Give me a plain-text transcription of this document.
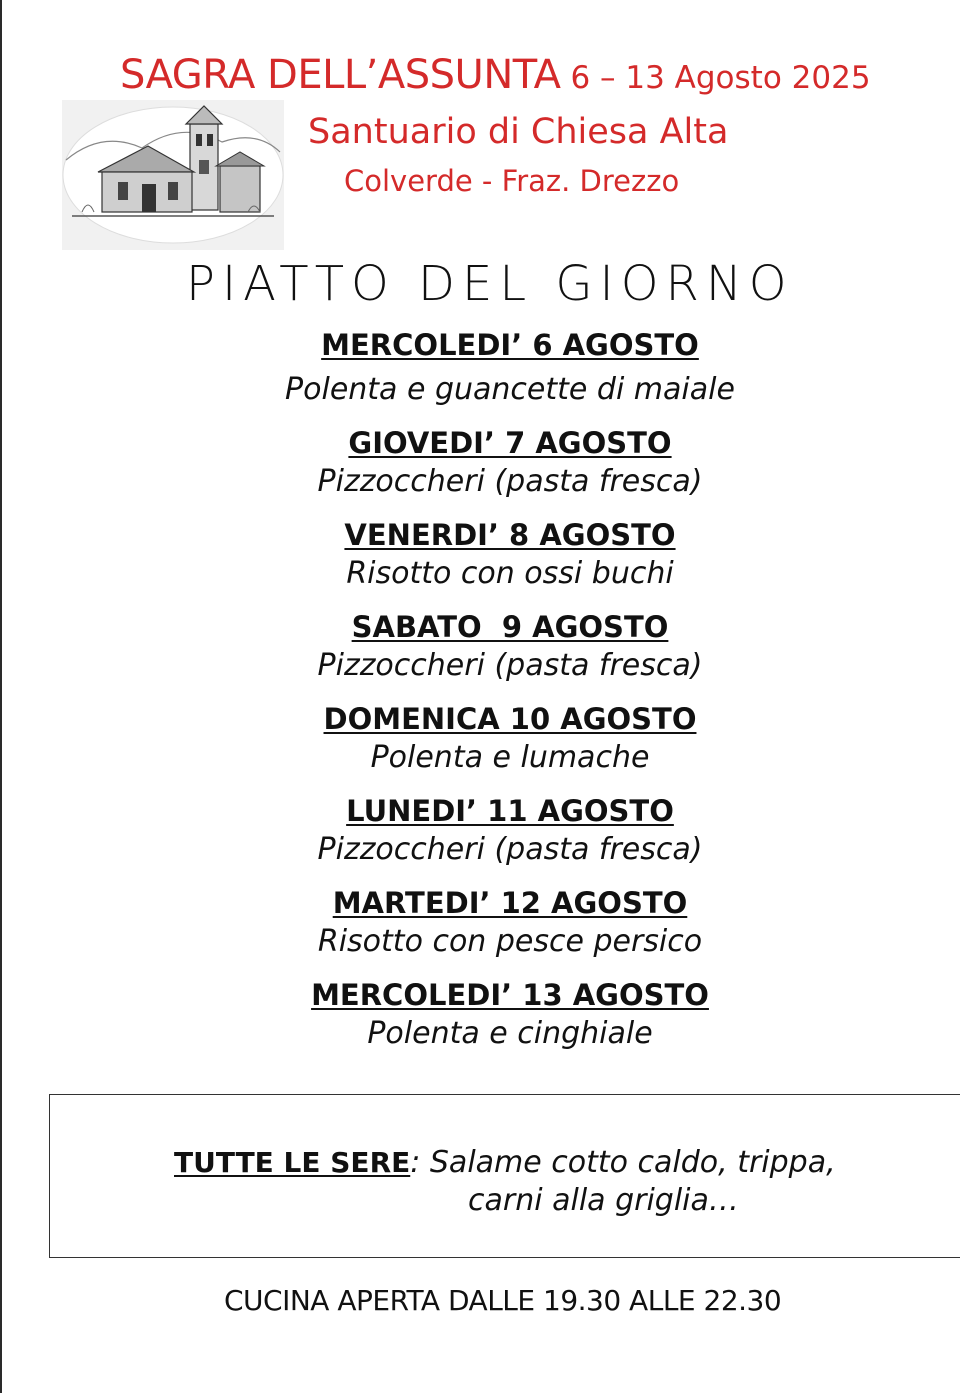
SAGRA DELL’ASSUNTA 6 – 13 Agosto 2025
Santuario di Chiesa Alta
Colverde - Fraz. Drezzo
PIATTO DEL GIORNO
MERCOLEDI’ 6 AGOSTO
Polenta e guancette di maiale
GIOVEDI’ 7 AGOSTO
Pizzoccheri (pasta fresca)
VENERDI’ 8 AGOSTO
Risotto con ossi buchi
SABATO  9 AGOSTO
Pizzoccheri (pasta fresca)
DOMENICA 10 AGOSTO
Polenta e lumache
LUNEDI’ 11 AGOSTO
Pizzoccheri (pasta fresca)
MARTEDI’ 12 AGOSTO
Risotto con pesce persico
MERCOLEDI’ 13 AGOSTO
Polenta e cinghiale
TUTTE LE SERE: Salame cotto caldo, trippa,
carni alla griglia…
CUCINA APERTA DALLE 19.30 ALLE 22.30
